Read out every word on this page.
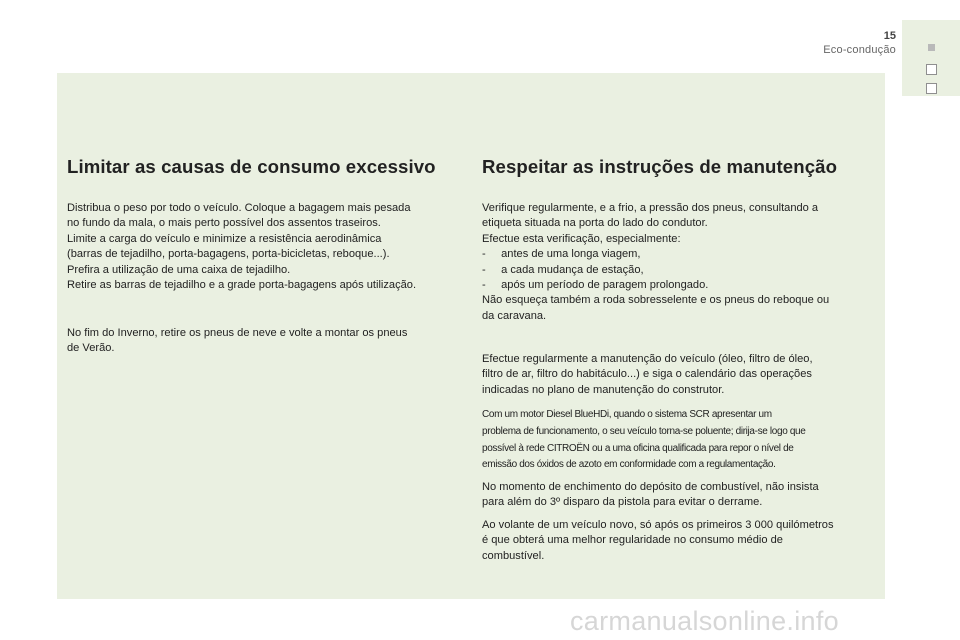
15
Eco-condução
Limitar as causas de consumo excessivo
Distribua o peso por todo o veículo. Coloque a bagagem mais pesada
no fundo da mala, o mais perto possível dos assentos traseiros.
Limite a carga do veículo e minimize a resistência aerodinâmica
(barras de tejadilho, porta-bagagens, porta-bicicletas, reboque...).
Prefira a utilização de uma caixa de tejadilho.
Retire as barras de tejadilho e a grade porta-bagagens após utilização.
No fim do Inverno, retire os pneus de neve e volte a montar os pneus
de Verão.
Respeitar as instruções de manutenção
Verifique regularmente, e a frio, a pressão dos pneus, consultando a
etiqueta situada na porta do lado do condutor.
Efectue esta verificação, especialmente:
-     antes de uma longa viagem,
-     a cada mudança de estação,
-     após um período de paragem prolongado.
Não esqueça também a roda sobresselente e os pneus do reboque ou
da caravana.
Efectue regularmente a manutenção do veículo (óleo, filtro de óleo,
filtro de ar, filtro do habitáculo...) e siga o calendário das operações
indicadas no plano de manutenção do construtor.
Com um motor Diesel BlueHDi, quando o sistema SCR apresentar um
problema de funcionamento, o seu veículo torna-se poluente; dirija-se logo que
possível à rede CITROËN ou a uma oficina qualificada para repor o nível de
emissão dos óxidos de azoto em conformidade com a regulamentação.
No momento de enchimento do depósito de combustível, não insista
para além do 3º disparo da pistola para evitar o derrame.
Ao volante de um veículo novo, só após os primeiros 3 000 quilómetros
é que obterá uma melhor regularidade no consumo médio de
combustível.
carmanualsonline.info
